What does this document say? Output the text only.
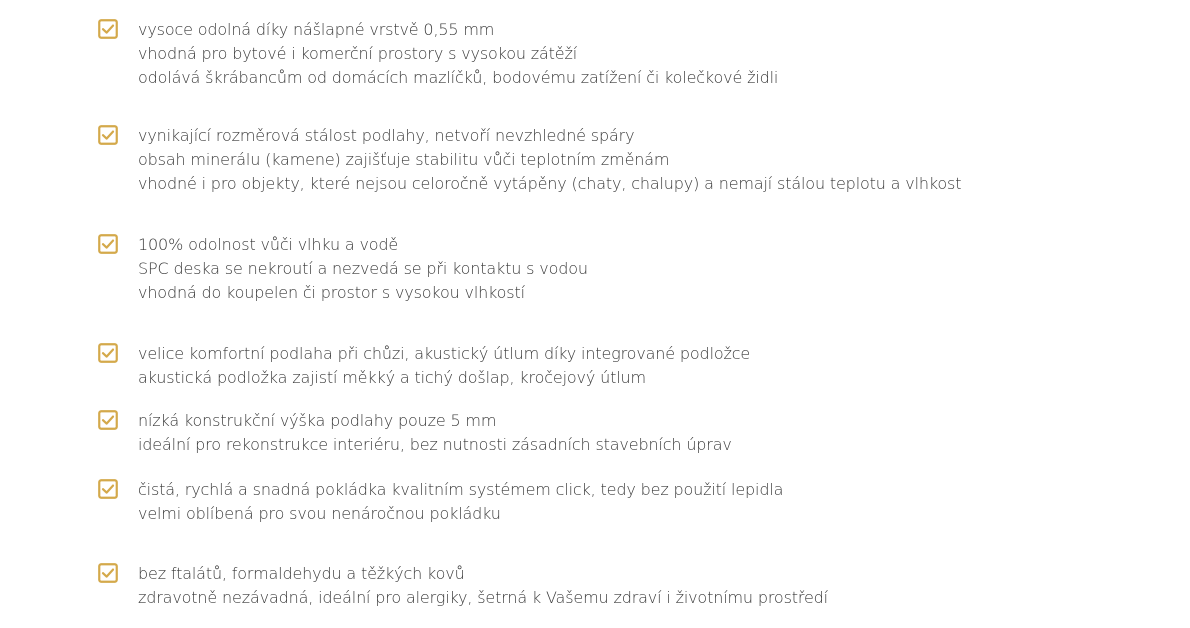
vysoce odolná díky nášlapné vrstvě 0,55 mm
vhodná pro bytové i komerční prostory s vysokou zátěží
odolává škrábancům od domácích mazlíčků, bodovému zatížení či kolečkové židli
vynikající rozměrová stálost podlahy, netvoří nevzhledné spáry
obsah minerálu (kamene) zajišťuje stabilitu vůči teplotním změnám
vhodné i pro objekty, které nejsou celoročně vytápěny (chaty, chalupy) a nemají stálou teplotu a vlhkost
100% odolnost vůči vlhku a vodě
SPC deska se nekroutí a nezvedá se při kontaktu s vodou
vhodná do koupelen či prostor s vysokou vlhkostí
velice komfortní podlaha při chůzi, akustický útlum díky integrované podložce
akustická podložka zajistí měkký a tichý došlap, kročejový útlum
nízká konstrukční výška podlahy pouze 5 mm
ideální pro rekonstrukce interiéru, bez nutnosti zásadních stavebních úprav
čistá, rychlá a snadná pokládka kvalitním systémem click, tedy bez použití lepidla
velmi oblíbená pro svou nenáročnou pokládku
bez ftalátů, formaldehydu a těžkých kovů
zdravotně nezávadná, ideální pro alergiky, šetrná k Vašemu zdraví i životnímu prostředí
